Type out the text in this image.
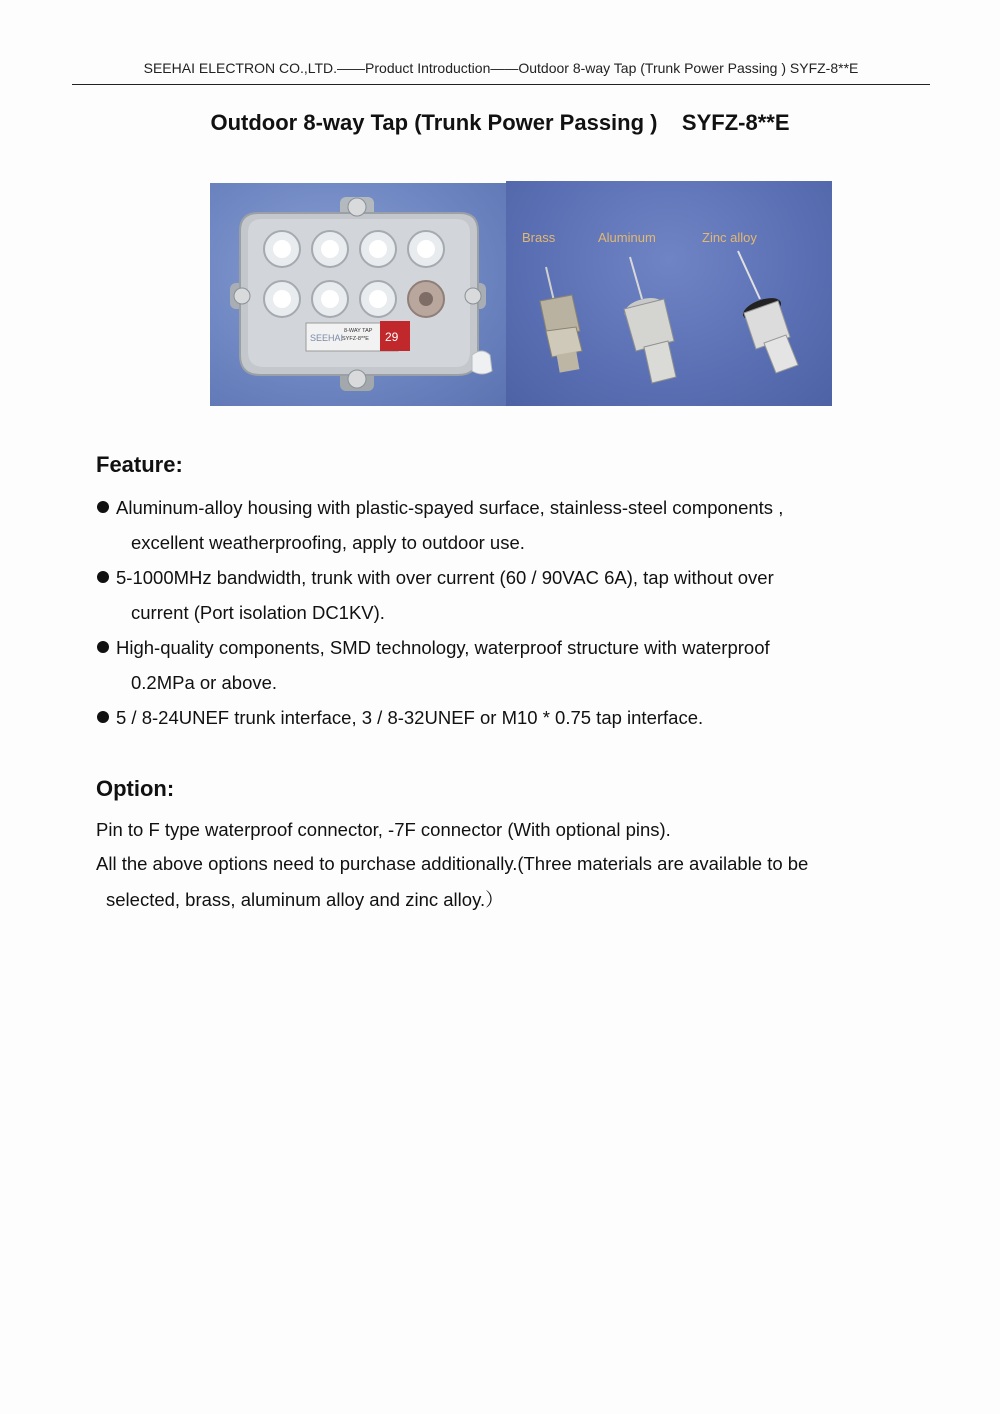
SEEHAI ELECTRON CO.,LTD.——Product Introduction——Outdoor 8-way Tap (Trunk Power Passing ) SYFZ-8**E
Outdoor 8-way Tap (Trunk Power Passing )    SYFZ-8**E
SEEHAI
8-WAY TAP
SYFZ-8**E 29
Brass	Aluminum	Zinc alloy
Feature:
Aluminum-alloy housing with plastic-spayed surface, stainless-steel components ,
excellent weatherproofing, apply to outdoor use.
5-1000MHz bandwidth, trunk with over current (60 / 90VAC 6A), tap without over
current (Port isolation DC1KV).
High-quality components, SMD technology, waterproof structure with waterproof
0.2MPa or above.
5 / 8-24UNEF trunk interface, 3 / 8-32UNEF or M10 * 0.75 tap interface.
Option:
Pin to F type waterproof connector, -7F connector (With optional pins).
All the above options need to purchase additionally.(Three materials are available to be
selected, brass, aluminum alloy and zinc alloy.）
